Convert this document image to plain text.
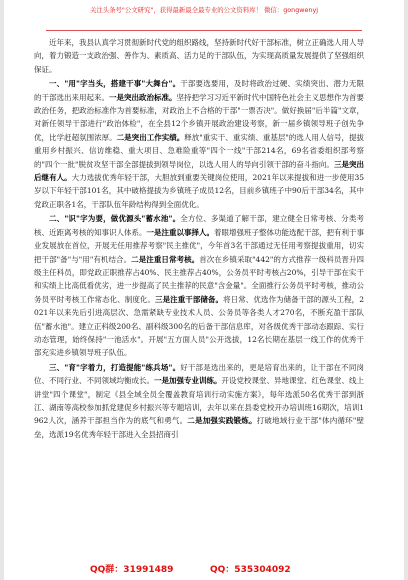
关注头条号"公文研究"，获得最新最全最专业的公文资料库！ 微信：gongwenyj

近年来，我县认真学习贯彻新时代党的组织路线，坚持新时代好干部标准，树立正确选人用人导向，着力锻造一支政治强、善作为、素质高、活力足的干部队伍，为实现高质量发展提供了坚强组织保证。

一、"用"字当头，搭建干事"大舞台"。干部要选要用，及时将政治过硬、实绩突出、潜力无限的干部选出来用起来。一是突出政治标准。坚持把学习习近平新时代中国特色社会主义思想作为首要政治任务，把政治标准作为首要标准，对政治上不合格的干部"一票否决"。做好换届"后半篇"文章，对新任领导干部进行"政治体检"，在全县12个乡镇开展政治建设考察，新一届乡镇领导班子创先争优，比学赶超氛围浓厚。二是突出工作实绩。释放"重实干、重实绩、重基层"的选人用人信号，提拔重用乡村振兴、信访维稳、重大项目、急难险重等"四个一线"干部214名，69名省委组织部考察的"四个一批"脱贫攻坚干部全部提拔到领导岗位，以选人用人的导向引领干部的奋斗指向。三是突出后继有人。大力选拔优秀年轻干部，大胆放到重要关键岗位使用，2021年以来提拔和进一步使用35岁以下年轻干部101名，其中破格提拔为乡镇班子成员12名，目前乡镇班子中90后干部34名，其中党政正职各1名，干部队伍年龄结构得到全面优化。

二、"识"字为要，做优源头"蓄水池"。全方位、多渠道了解干部，建立健全日常考核、分类考核、近距离考核的知事识人体系。一是注重以事择人。着眼增强班子整体功能选配干部，把有利于事业发展放在首位，开展无任用推荐考察"民主推优"，今年首3名干部通过无任用考察提拔重用，切实把干部"备"与"用"有机结合。二是注重日常考核。首次在乡镇采取"442"的方式推荐一级科员晋升四级主任科员，即党政正职推荐占40%、民主推荐占40%，公务员平时考核占20%，引导干部在实干和实绩上比高低看优劣，进一步提高了民主推荐的民意"含金量"。全面推行公务员平时考核，推动公务员平时考核工作常态化、制度化。三是注重干部储备。将日常、优选作为储备干部的源头工程，2021年以来先后引进高层次、急需紧缺专业技术人员、公务员等各类人才270名，不断充盈干部队伍"蓄水池"。建立正科级200名、副科级300名的后备干部信息库，对各级优秀干部动态跟踪、实行动态管理，始终保持"一池活水"。开展"五方面人员"公开选拔，12名长期在基层一线工作的优秀干部充实进乡镇领导班子队伍。

三、"育"字着力，打造提能"练兵场"。好干部是选出来的，更是培育出来的，让干部在不同岗位、不同行业、不同领域均衡成长。一是加强专业训练。开设党校课堂、异地课堂、红色课堂、线上讲堂"四个课堂"，制定《县全域全员全覆盖教育培训行动实施方案》，每年选派50名优秀干部到浙江、湖南等高校参加抓党建促乡村振兴等专题培训，去年以来在县委党校开办培训班16期次，培训1962人次，涵养干部担当作为的底气和勇气。二是加强实践锻炼。打破地域行业干部"体内循环"壁垒，选派19名优秀年轻干部进入全县招商引

QQ群：31991489	QQ：535304092
